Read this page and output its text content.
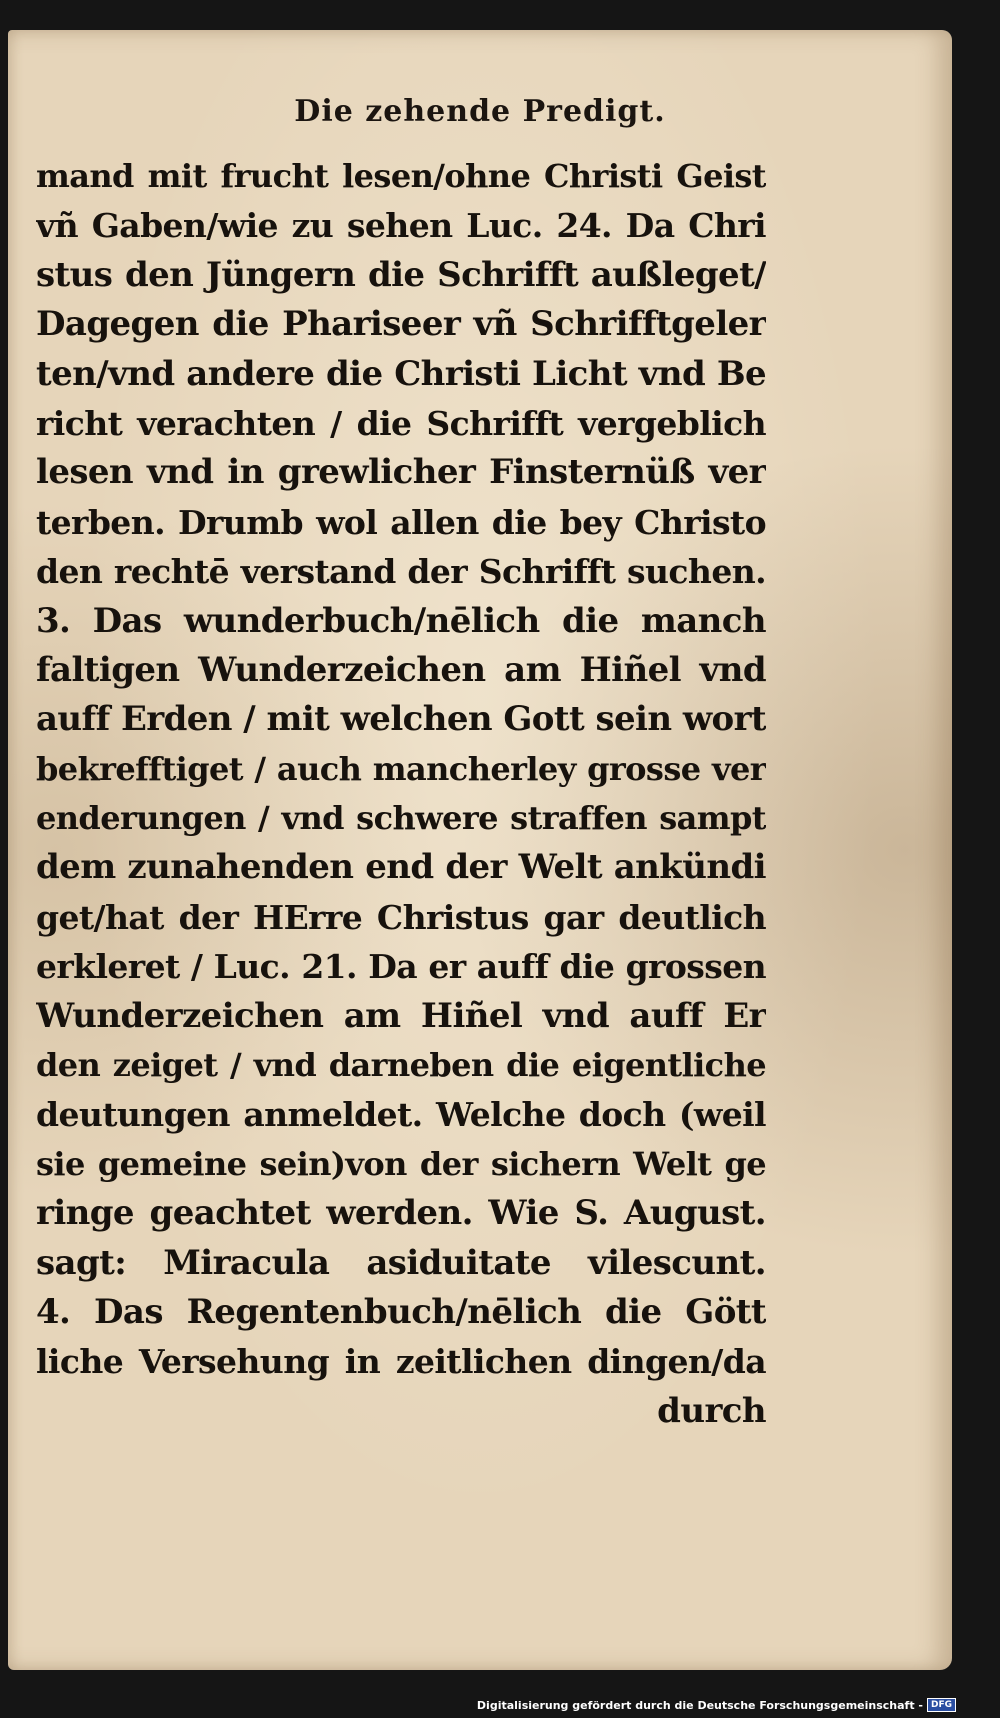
Die zehende Predigt.
mand mit frucht lesen/ohne Christi Geist
vñ Gaben/wie zu sehen Luc. 24. Da Chri
stus den Jüngern die Schrifft außleget/
Dagegen die Phariseer vñ Schrifftgeler
ten/vnd andere die Christi Licht vnd Be
richt verachten / die Schrifft vergeblich
lesen vnd in grewlicher Finsternüß ver
terben. Drumb wol allen die bey Christo
den rechtē verstand der Schrifft suchen.
3. Das wunderbuch/nēlich die manch
faltigen Wunderzeichen am Hiñel vnd
auff Erden / mit welchen Gott sein wort
bekrefftiget / auch mancherley grosse ver
enderungen / vnd schwere straffen sampt
dem zunahenden end der Welt ankündi
get/hat der HErre Christus gar deutlich
erkleret / Luc. 21. Da er auff die grossen
Wunderzeichen am Hiñel vnd auff Er
den zeiget / vnd darneben die eigentliche
deutungen anmeldet. Welche doch (weil
sie gemeine sein)von der sichern Welt ge
ringe geachtet werden. Wie S. August.
sagt: Miracula asiduitate vilescunt.
4. Das Regentenbuch/nēlich die Gött
liche Versehung in zeitlichen dingen/da
durch
Digitalisierung gefördert durch die Deutsche Forschungsgemeinschaft - DFG
